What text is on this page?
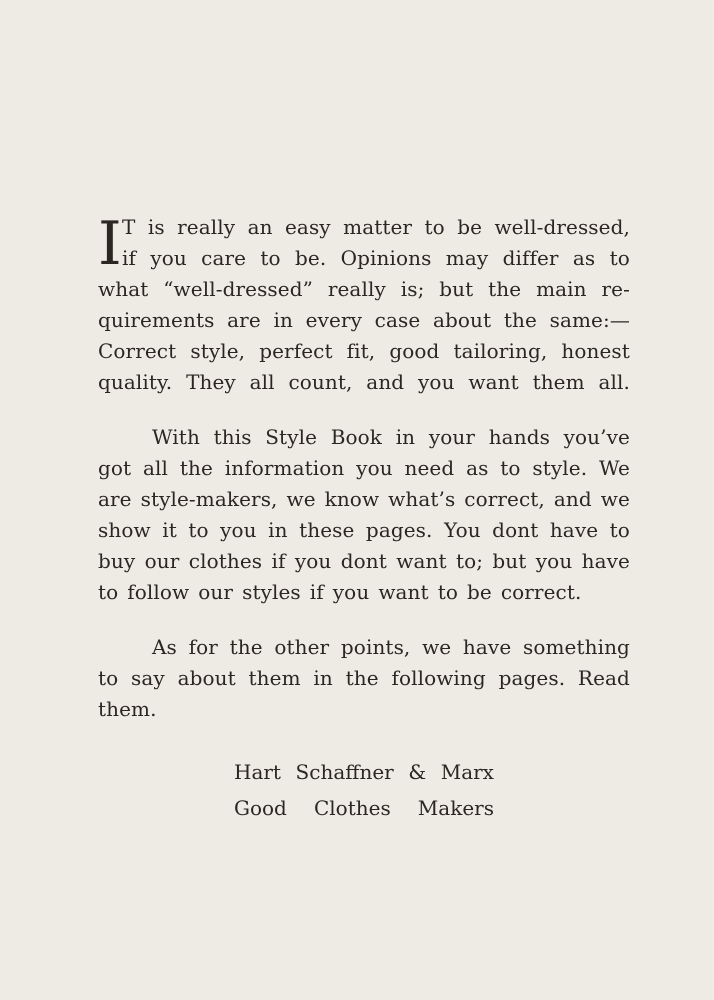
I T is really an easy matter to be well-dressed,
if you care to be. Opinions may differ as to
what “well-dressed” really is; but the main re-
quirements are in every case about the same:—
Correct style, perfect fit, good tailoring, honest
quality. They all count, and you want them all.
With this Style Book in your hands you’ve
got all the information you need as to style. We
are style-makers, we know what’s correct, and we
show it to you in these pages. You dont have to
buy our clothes if you dont want to; but you have
to follow our styles if you want to be correct.
As for the other points, we have something
to say about them in the following pages. Read
them.
Hart Schaffner & Marx
Good Clothes Makers
